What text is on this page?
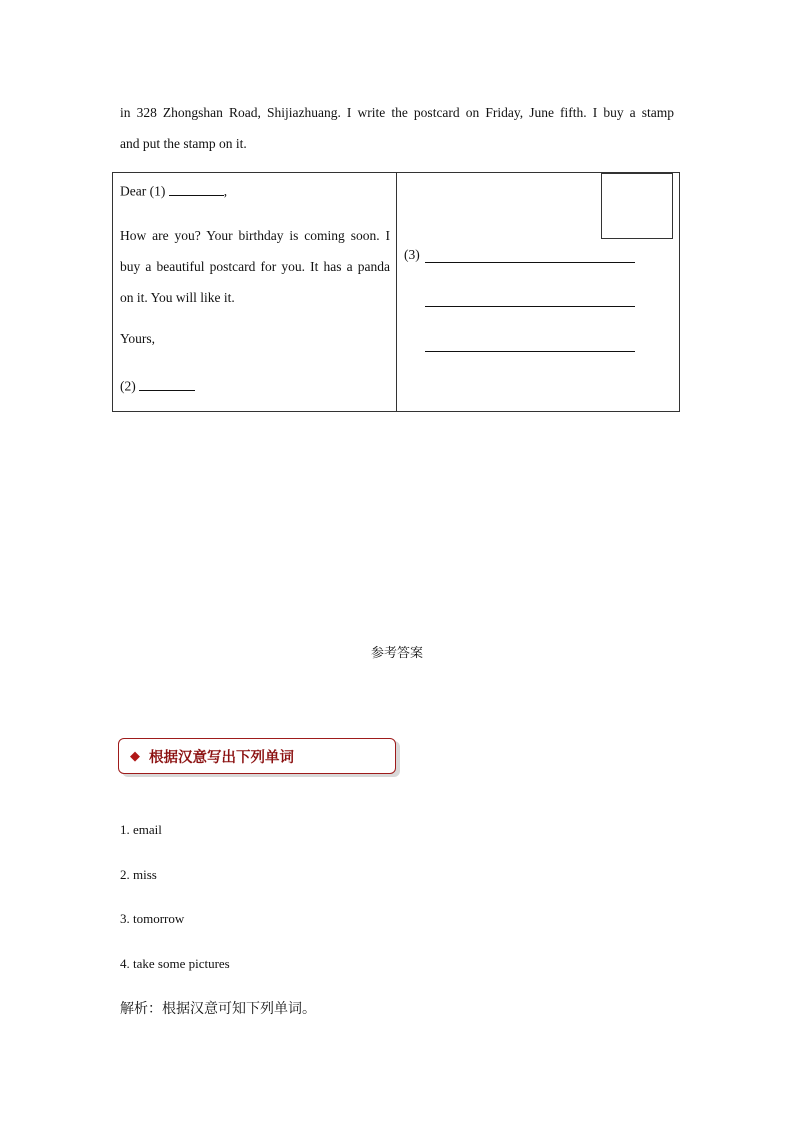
in 328 Zhongshan Road, Shijiazhuang. I write the postcard on Friday, June fifth. I buy a stamp
and put the stamp on it.
Dear (1)	,
How are you? Your birthday is coming soon. I buy a beautiful postcard for you. It has a panda on it. You will like it.
Yours,
(2)
(3)
参考答案
◆ 根据汉意写出下列单词
1. email
2. miss
3. tomorrow
4. take some pictures
解析：根据汉意可知下列单词。
